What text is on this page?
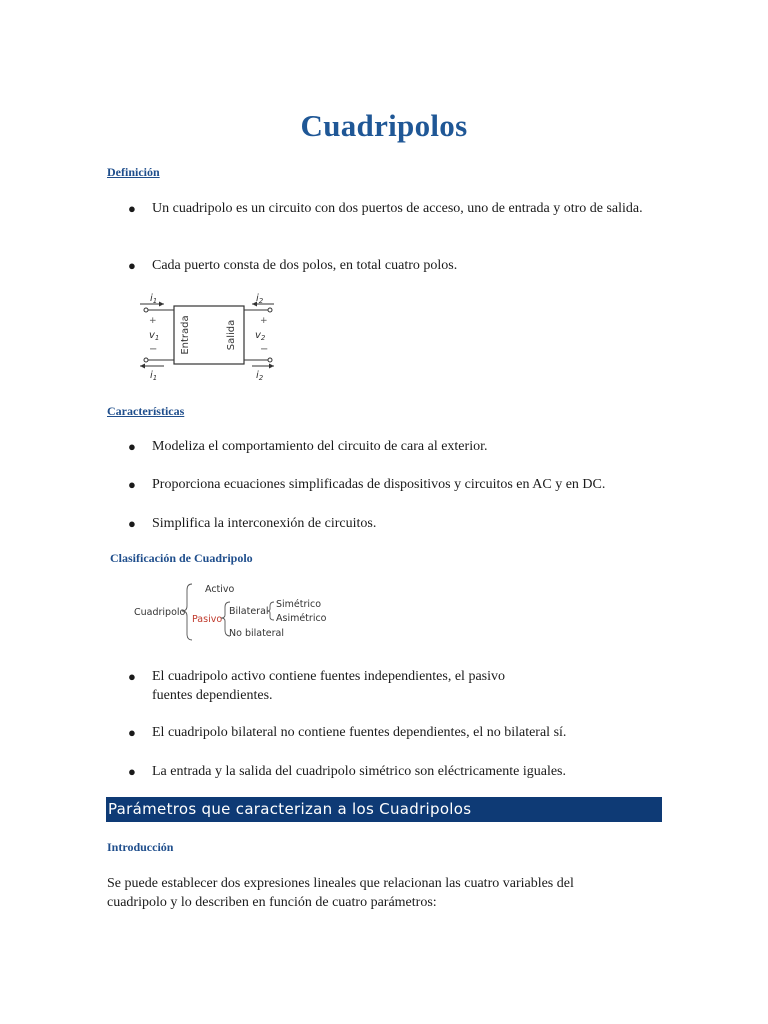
Cuadripolos
Definición
● Un cuadripolo es un circuito con dos puertos de acceso, uno de entrada y otro de salida.
● Cada puerto consta de dos polos, en total cuatro polos.
$i_1$	$i_2$
+
−
+
−
$v_1$	$v_2$
$i_1$	$i_2$
Entrada	Salida
Características
● Modeliza el comportamiento del circuito de cara al exterior.
● Proporciona ecuaciones simplificadas de dispositivos y circuitos en AC y en DC.
● Simplifica la interconexión de circuitos.
Clasificación de Cuadripolo
Cuadripolo
Activo
Pasivo
Bilateral
No bilateral
Simétrico
Asimétrico
● El cuadripolo activo contiene fuentes independientes, el pasivo
fuentes dependientes.
● El cuadripolo bilateral no contiene fuentes dependientes, el no bilateral sí.
● La entrada y la salida del cuadripolo simétrico son eléctricamente iguales.
Parámetros que caracterizan a los Cuadripolos
Introducción
Se puede establecer dos expresiones lineales que relacionan las cuatro variables del
cuadripolo y lo describen en función de cuatro parámetros:
